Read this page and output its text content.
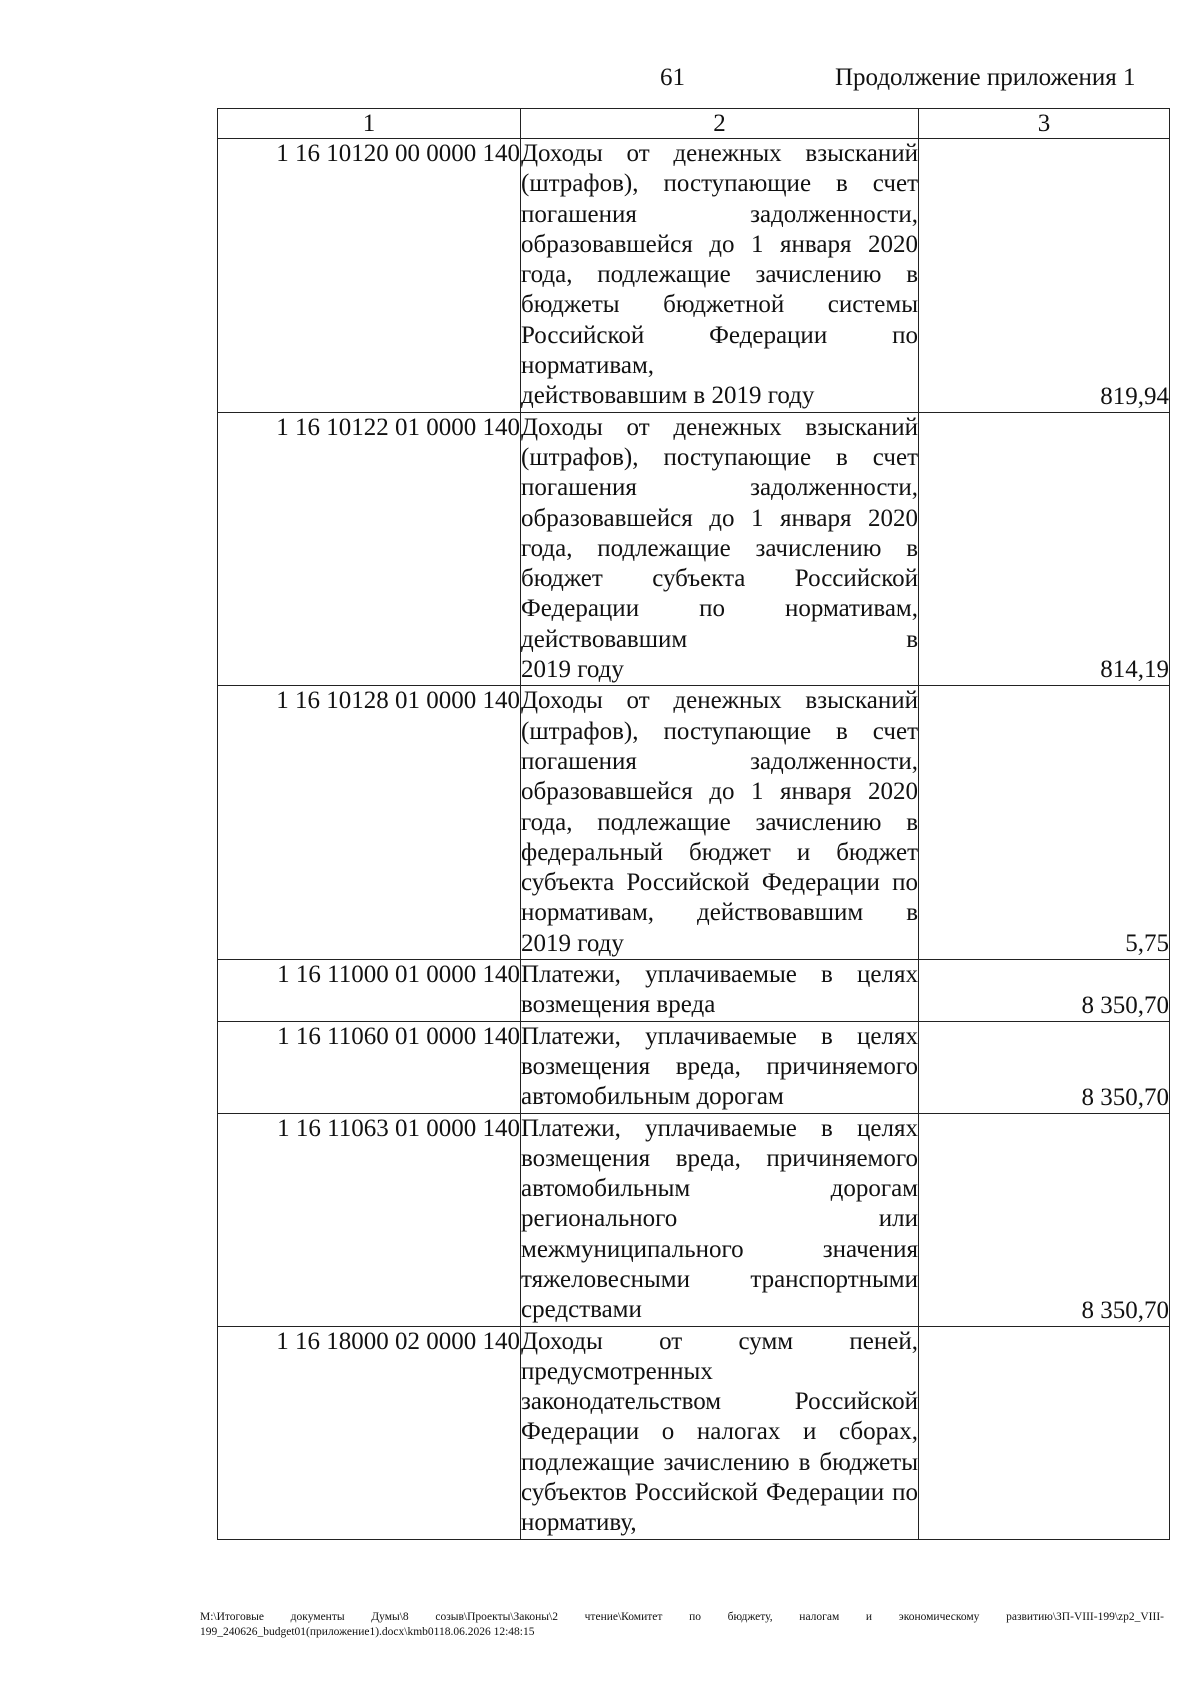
61	Продолжение приложения 1
1	2	3
1 16 10120 00 0000 140	Доходы от денежных взысканий (штрафов), поступающие в счет погашения задолженности, образовавшейся до 1 января 2020 года, подлежащие зачислению в бюджеты бюджетной системы Российской Федерации по нормативам,
действовавшим в 2019 году	819,94
1 16 10122 01 0000 140	Доходы от денежных взысканий (штрафов), поступающие в счет погашения задолженности, образовавшейся до 1 января 2020 года, подлежащие зачислению в бюджет субъекта Российской Федерации по нормативам, действовавшим в
2019 году	814,19
1 16 10128 01 0000 140	Доходы от денежных взысканий (штрафов), поступающие в счет погашения задолженности, образовавшейся до 1 января 2020 года, подлежащие зачислению в федеральный бюджет и бюджет субъекта Российской Федерации по нормативам, действовавшим в
2019 году	5,75
1 16 11000 01 0000 140	Платежи, уплачиваемые в целях
возмещения вреда	8 350,70
1 16 11060 01 0000 140	Платежи, уплачиваемые в целях возмещения вреда, причиняемого
автомобильным дорогам	8 350,70
1 16 11063 01 0000 140	Платежи, уплачиваемые в целях возмещения вреда, причиняемого автомобильным дорогам регионального или межмуниципального значения тяжеловесными транспортными
средствами	8 350,70
1 16 18000 02 0000 140	Доходы от сумм пеней, предусмотренных законодательством Российской Федерации о налогах и сборах, подлежащие зачислению в бюджеты субъектов Российской Федерации по нормативу,	
M:\Итоговые документы Думы\8 созыв\Проекты\Законы\2 чтение\Комитет по бюджету, налогам и экономическому развитию\ЗП-VIII-199\zp2_VIII-199_240626_budget01(приложение1).docx\kmb0118.06.2026 12:48:15
